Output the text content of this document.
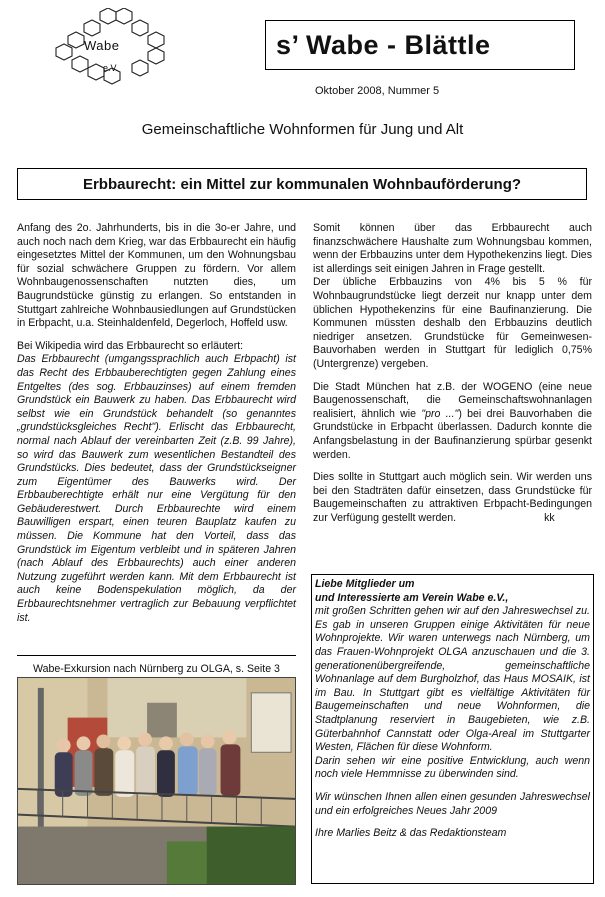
Wabe
e.V.
s’ Wabe - Blättle
Oktober 2008, Nummer 5
Gemeinschaftliche Wohnformen für Jung und Alt
Erbbaurecht: ein Mittel zur kommunalen Wohnbauförderung?

Anfang des 2o. Jahrhunderts, bis in die 3o-er Jahre, und auch noch nach dem Krieg, war das Erbbaurecht ein häufig eingesetztes Mittel der Kommunen, um den Wohnungsbau für sozial schwächere Gruppen zu fördern. Vor allem Wohnbaugenossenschaften nutzten dies, um Baugrundstücke günstig zu erlangen. So entstanden in Stuttgart zahlreiche Wohnbausiedlungen auf Grundstücken in Erbpacht, u.a. Steinhaldenfeld, Degerloch, Hoffeld usw.

Bei Wikipedia wird das Erbbaurecht so erläutert:

Das Erbbaurecht (umgangssprachlich auch Erbpacht) ist das Recht des Erbbauberechtigten gegen Zahlung eines Entgeltes (des sog. Erbbauzinses) auf einem fremden Grundstück ein Bauwerk zu haben. Das Erbbaurecht wird selbst wie ein Grundstück behandelt (so genanntes „grundstücksgleiches Recht"). Erlischt das Erbbaurecht, normal nach Ablauf der vereinbarten Zeit (z.B. 99 Jahre), so wird das Bauwerk zum wesentlichen Bestandteil des Grundstücks. Dies bedeutet, dass der Grundstückseigner zum Eigentümer des Bauwerks wird. Der Erbbauberechtigte erhält nur eine Vergütung für den Gebäuderestwert. Durch Erbbaurechte wird einem Bauwilligen erspart, einen teuren Bauplatz kaufen zu müssen. Die Kommune hat den Vorteil, dass das Grundstück im Eigentum verbleibt und in späteren Jahren (nach Ablauf des Erbbaurechts) auch einer anderen Nutzung zugeführt werden kann. Mit dem Erbbaurecht ist auch keine Bodenspekulation möglich, da der Erbbaurechtsnehmer vertraglich zur Bebauung verpflichtet ist.

Wabe-Exkursion nach Nürnberg zu OLGA, s. Seite 3

Somit können über das Erbbaurecht auch finanzschwächere Haushalte zum Wohnungsbau kommen, wenn der Erbbauzins unter dem Hypothekenzins liegt. Dies ist allerdings seit einigen Jahren in Frage gestellt.

Der übliche Erbbauzins von 4% bis 5 % für Wohnbaugrundstücke liegt derzeit nur knapp unter dem üblichen Hypothekenzins für eine Baufinanzierung. Die Kommunen müssten deshalb den Erbbauzins deutlich niedriger ansetzen. Grundstücke für Gemeinwesen-Bauvorhaben werden in Stuttgart für lediglich 0,75% (Untergrenze) vergeben.

Die Stadt München hat z.B. der WOGENO (eine neue Baugenossenschaft, die Gemeinschaftswohnanlagen realisiert, ähnlich wie "pro ...") bei drei Bauvorhaben die Grundstücke in Erbpacht überlassen. Dadurch konnte die Anfangsbelastung in der Baufinanzierung spürbar gesenkt werden.

Dies sollte in Stuttgart auch möglich sein. Wir werden uns bei den Stadträten dafür einsetzen, dass Grundstücke für Baugemeinschaften zu attraktiven Erbpacht-Bedingungen zur Verfügung gestellt werden.	kk

Liebe Mitglieder um

und Interessierte am Verein Wabe e.V.,

mit großen Schritten gehen wir auf den Jahreswechsel zu. Es gab in unseren Gruppen einige Aktivitäten für neue Wohnprojekte. Wir waren unterwegs nach Nürnberg, um das Frauen-Wohnprojekt OLGA anzuschauen und die 3. generationenübergreifende, gemeinschaftliche Wohnanlage auf dem Burgholzhof, das Haus MOSAIK, ist im Bau. In Stuttgart gibt es vielfältige Aktivitäten für Baugemeinschaften und neue Wohnformen, die Stadtplanung reserviert in Baugebieten, wie z.B. Güterbahnhof Cannstatt oder Olga-Areal im Stuttgarter Westen, Flächen für diese Wohnform.

Darin sehen wir eine positive Entwicklung, auch wenn noch viele Hemmnisse zu überwinden sind.

Wir wünschen Ihnen allen einen gesunden Jahreswechsel und ein erfolgreiches Neues Jahr 2009

Ihre Marlies Beitz & das Redaktionsteam
